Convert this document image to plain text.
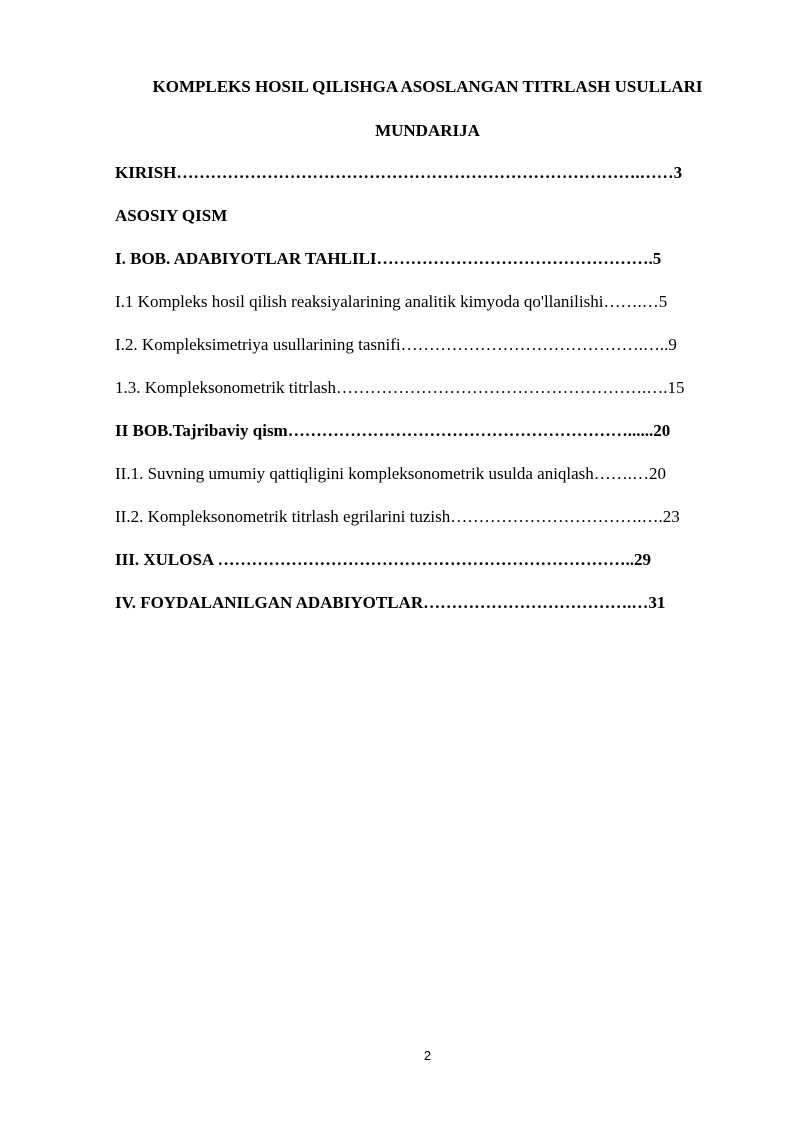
KOMPLEKS HOSIL QILISHGA ASOSLANGAN TITRLASH USULLARI
MUNDARIJA
KIRISH……………………………………………………………………….……3
ASOSIY QISM
I. BOB. ADABIYOTLAR TAHLILI………………………………………….5
I.1 Kompleks hosil qilish reaksiyalarining analitik kimyoda qo'llanilishi…….…5
I.2. Kompleksimetriya usullarining tasnifi…………………………………….…..9
1.3. Kompleksonometrik titrlash……………………………………………….….15
II BOB.Tajribaviy qism……………………………………………………......20
II.1. Suvning umumiy qattiqligini kompleksonometrik usulda aniqlash…….…20
II.2. Kompleksonometrik titrlash egrilarini tuzish…………………………….….23
III. XULOSA ………………………………………………………………..29
IV. FOYDALANILGAN ADABIYOTLAR……………………………….…31
2
